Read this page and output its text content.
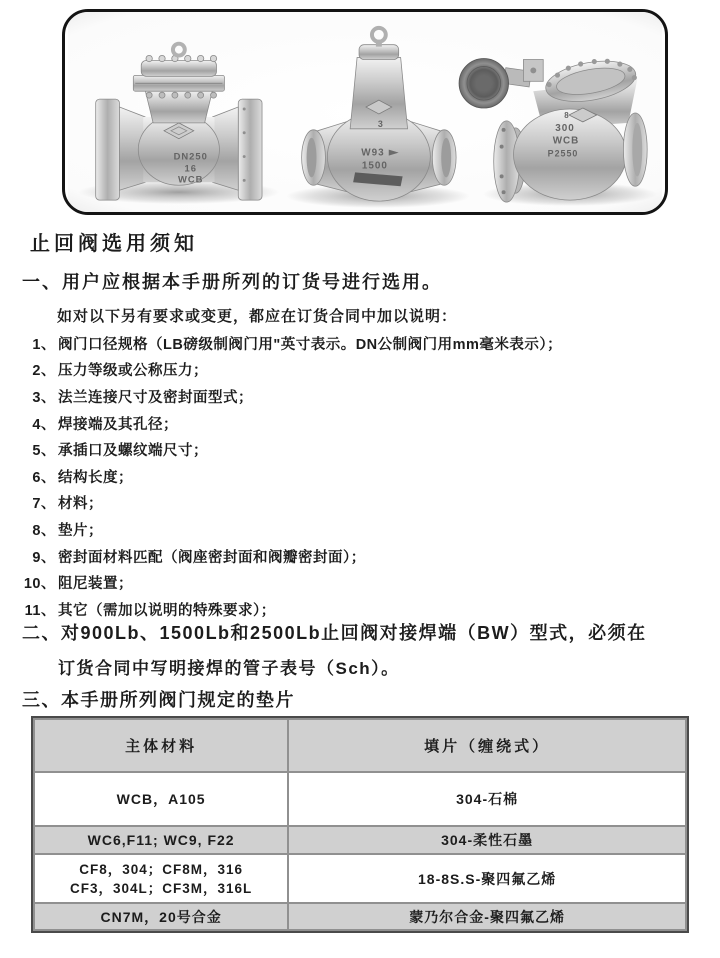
DN250
16
WCB
3
W93
1500
8
300
WCB
P2550
止回阀选用须知
一、用户应根据本手册所列的订货号进行选用。
如对以下另有要求或变更，都应在订货合同中加以说明：
1、 阀门口径规格（LB磅级制阀门用"英寸表示。DN公制阀门用mm毫米表示）；
2、 压力等级或公称压力；
3、 法兰连接尺寸及密封面型式；
4、 焊接端及其孔径；
5、 承插口及螺纹端尺寸；
6、 结构长度；
7、 材料；
8、 垫片；
9、 密封面材料匹配（阀座密封面和阀瓣密封面）；
10、 阻尼装置；
11、 其它（需加以说明的特殊要求）；
二、对900Lb、1500Lb和2500Lb止回阀对接焊端（BW）型式，必须在
订货合同中写明接焊的管子表号（Sch）。
三、本手册所列阀门规定的垫片
主体材料	填片（缠绕式）
WCB，A105	304-石棉
WC6,F11; WC9, F22	304-柔性石墨

CF8，304；CF8M，316
CF3，304L；CF3M，316L	18-8S.S-聚四氟乙烯
CN7M，20号合金	蒙乃尔合金-聚四氟乙烯
